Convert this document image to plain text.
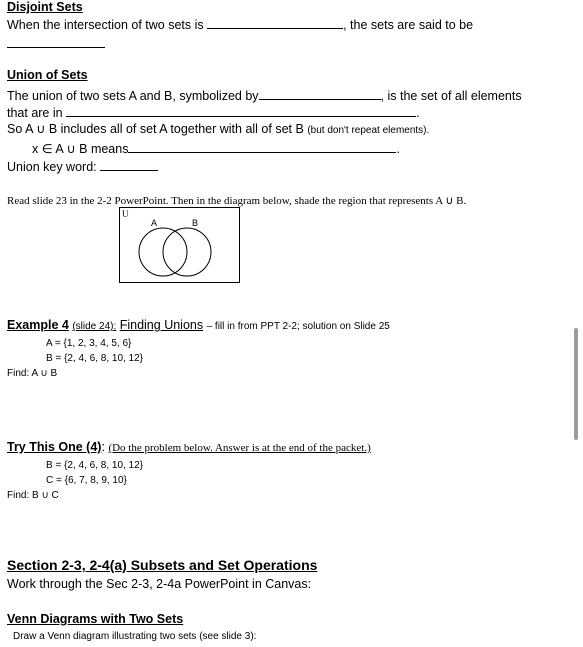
Disjoint Sets
When the intersection of two sets is	, the sets are said to be
Union of Sets
The union of two sets A and B, symbolized by	, is the set of all elements
that are in	.
So A ∪ B includes all of set A together with all of set B (but don't repeat elements).
x ∈ A ∪ B means	.
Union key word:
Read slide 23 in the 2-2 PowerPoint. Then in the diagram below, shade the region that represents A ∪ B.
U
A	B
Example 4 (slide 24): Finding Unions – fill in from PPT 2-2; solution on Slide 25
A = {1, 2, 3, 4, 5, 6}
B = {2, 4, 6, 8, 10, 12}
Find: A ∪ B
Try This One (4): (Do the problem below. Answer is at the end of the packet.)
B = {2, 4, 6, 8, 10, 12}
C = {6, 7, 8, 9, 10}
Find: B ∪ C
Section 2-3, 2-4(a) Subsets and Set Operations
Work through the Sec 2-3, 2-4a PowerPoint in Canvas:
Venn Diagrams with Two Sets
Draw a Venn diagram illustrating two sets (see slide 3):
